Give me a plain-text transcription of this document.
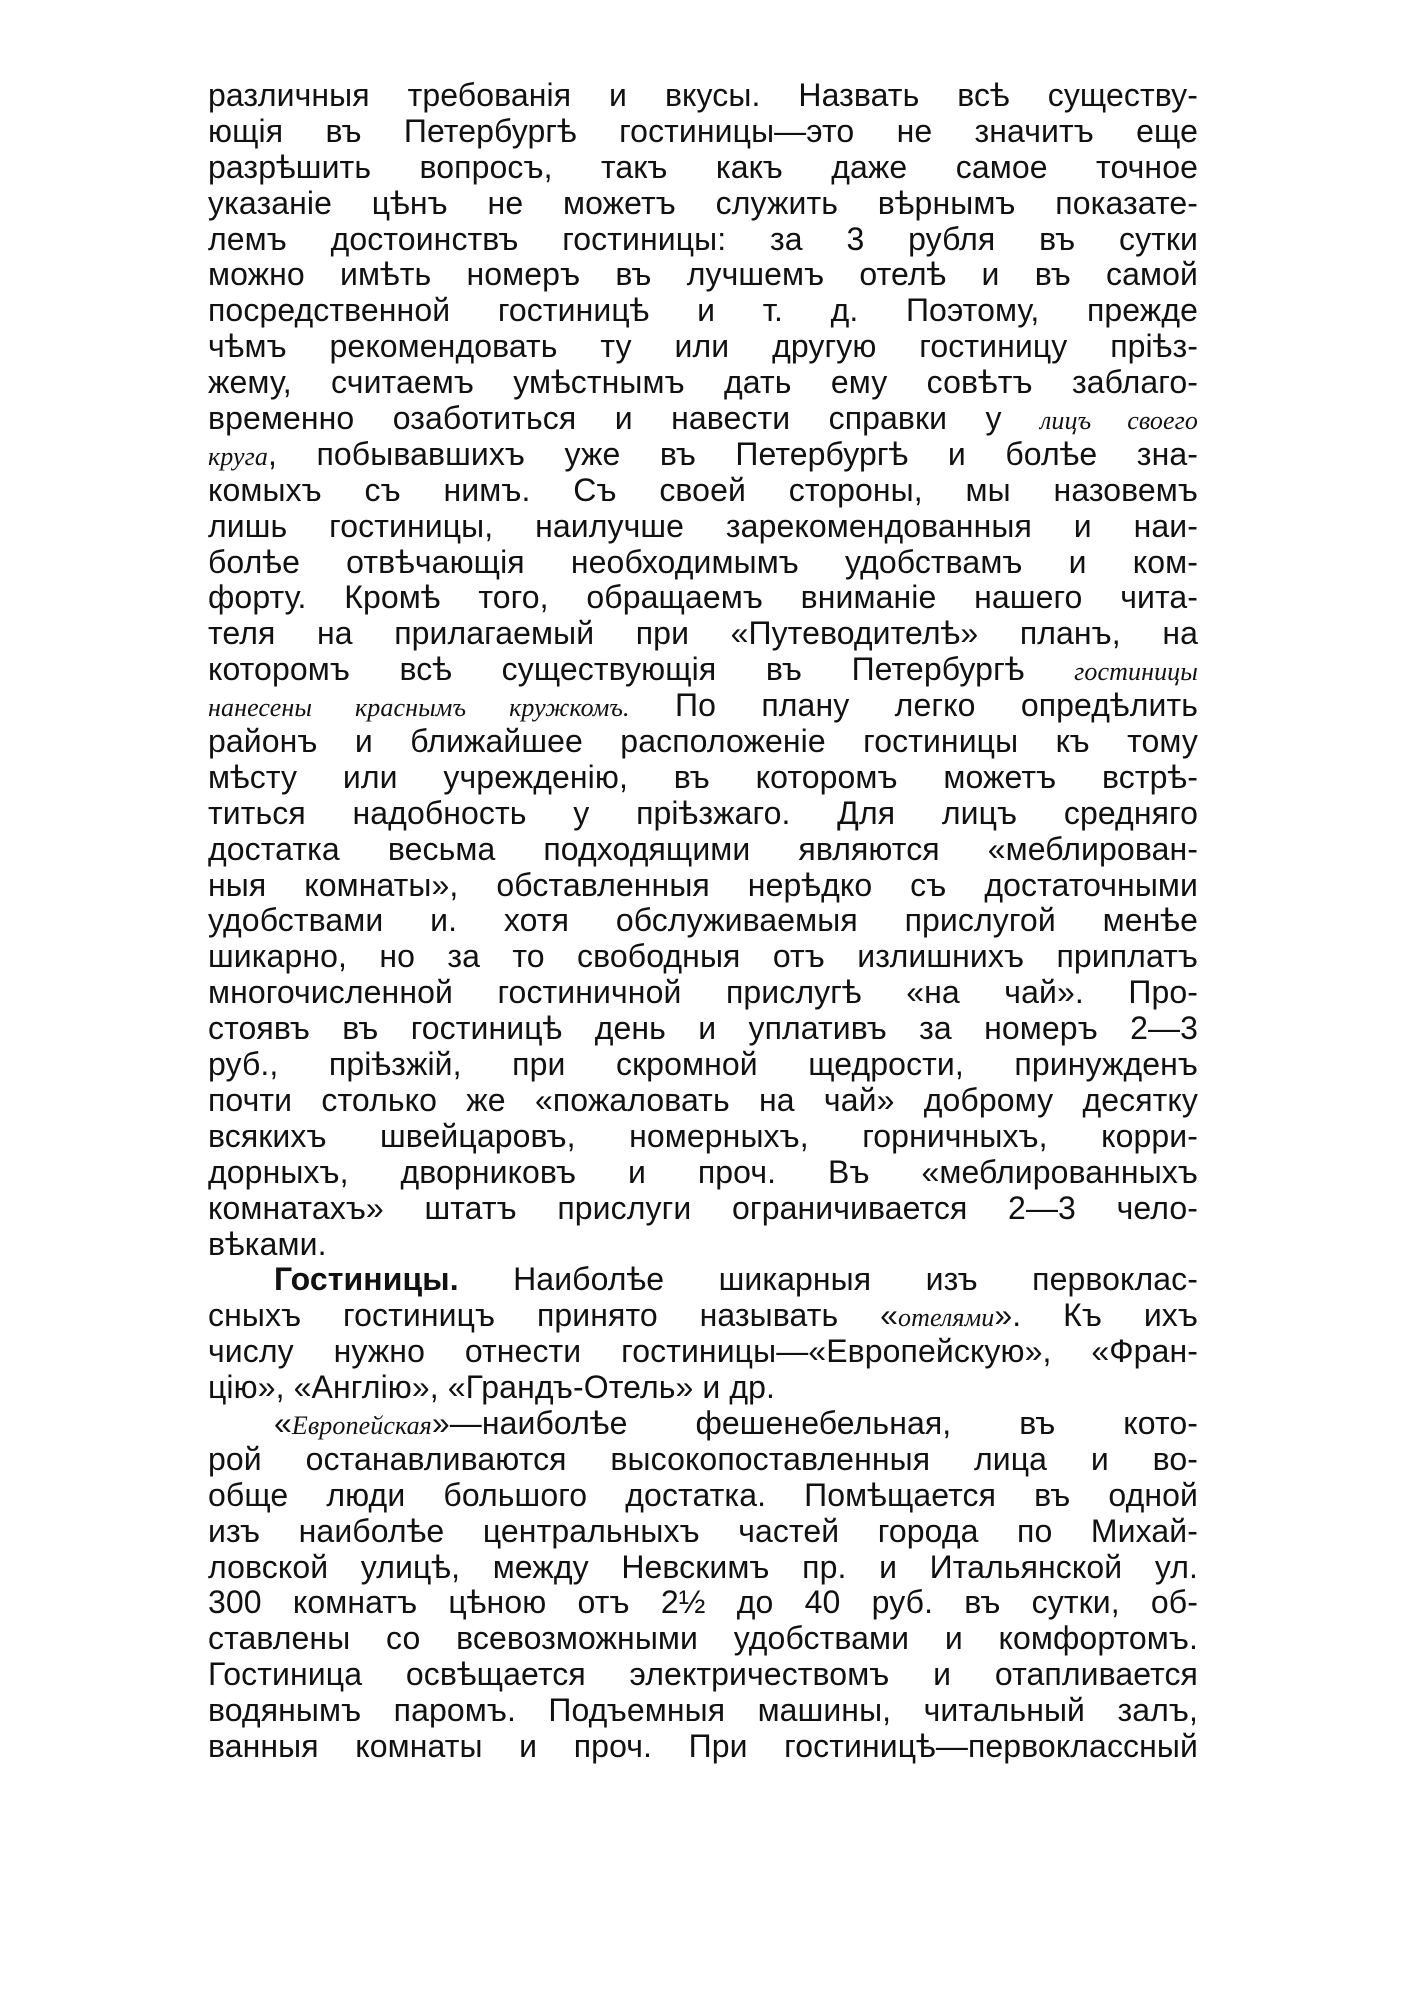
различныя требованія и вкусы. Назвать всѣ существу-
ющія въ Петербургѣ гостиницы—это не значитъ еще
разрѣшить вопросъ, такъ какъ даже самое точное
указаніе цѣнъ не можетъ служить вѣрнымъ показате-
лемъ достоинствъ гостиницы: за 3 рубля въ сутки
можно имѣть номеръ въ лучшемъ отелѣ и въ самой
посредственной гостиницѣ и т. д. Поэтому, прежде
чѣмъ рекомендовать ту или другую гостиницу пріѣз-
жему, считаемъ умѣстнымъ дать ему совѣтъ заблаго-
временно озаботиться и навести справки у лицъ своего
круга, побывавшихъ уже въ Петербургѣ и болѣе зна-
комыхъ съ нимъ. Съ своей стороны, мы назовемъ
лишь гостиницы, наилучше зарекомендованныя и наи-
болѣе отвѣчающія необходимымъ удобствамъ и ком-
форту. Кромѣ того, обращаемъ вниманіе нашего чита-
теля на прилагаемый при «Путеводителѣ» планъ, на
которомъ всѣ существующія въ Петербургѣ гостиницы
нанесены краснымъ кружкомъ. По плану легко опредѣлить
районъ и ближайшее расположеніе гостиницы къ тому
мѣсту или учрежденію, въ которомъ можетъ встрѣ-
титься надобность у пріѣзжаго. Для лицъ средняго
достатка весьма подходящими являются «меблирован-
ныя комнаты», обставленныя нерѣдко съ достаточными
удобствами и. хотя обслуживаемыя прислугой менѣе
шикарно, но за то свободныя отъ излишнихъ приплатъ
многочисленной гостиничной прислугѣ «на чай». Про-
стоявъ въ гостиницѣ день и уплативъ за номеръ 2—3
руб., пріѣзжій, при скромной щедрости, принужденъ
почти столько же «пожаловать на чай» доброму десятку
всякихъ швейцаровъ, номерныхъ, горничныхъ, корри-
дорныхъ, дворниковъ и проч. Въ «меблированныхъ
комнатахъ» штатъ прислуги ограничивается 2—3 чело-
вѣками.
Гостиницы. Наиболѣе шикарныя изъ первоклас-
сныхъ гостиницъ принято называть «отелями». Къ ихъ
числу нужно отнести гостиницы—«Европейскую», «Фран-
цію», «Англію», «Грандъ-Отель» и др.
«Европейская»—наиболѣе фешенебельная, въ кото-
рой останавливаются высокопоставленныя лица и во-
обще люди большого достатка. Помѣщается въ одной
изъ наиболѣе центральныхъ частей города по Михай-
ловской улицѣ, между Невскимъ пр. и Итальянской ул.
300 комнатъ цѣною отъ 2½ до 40 руб. въ сутки, об-
ставлены со всевозможными удобствами и комфортомъ.
Гостиница освѣщается электричествомъ и отапливается
водянымъ паромъ. Подъемныя машины, читальный залъ,
ванныя комнаты и проч. При гостиницѣ—первоклассный
